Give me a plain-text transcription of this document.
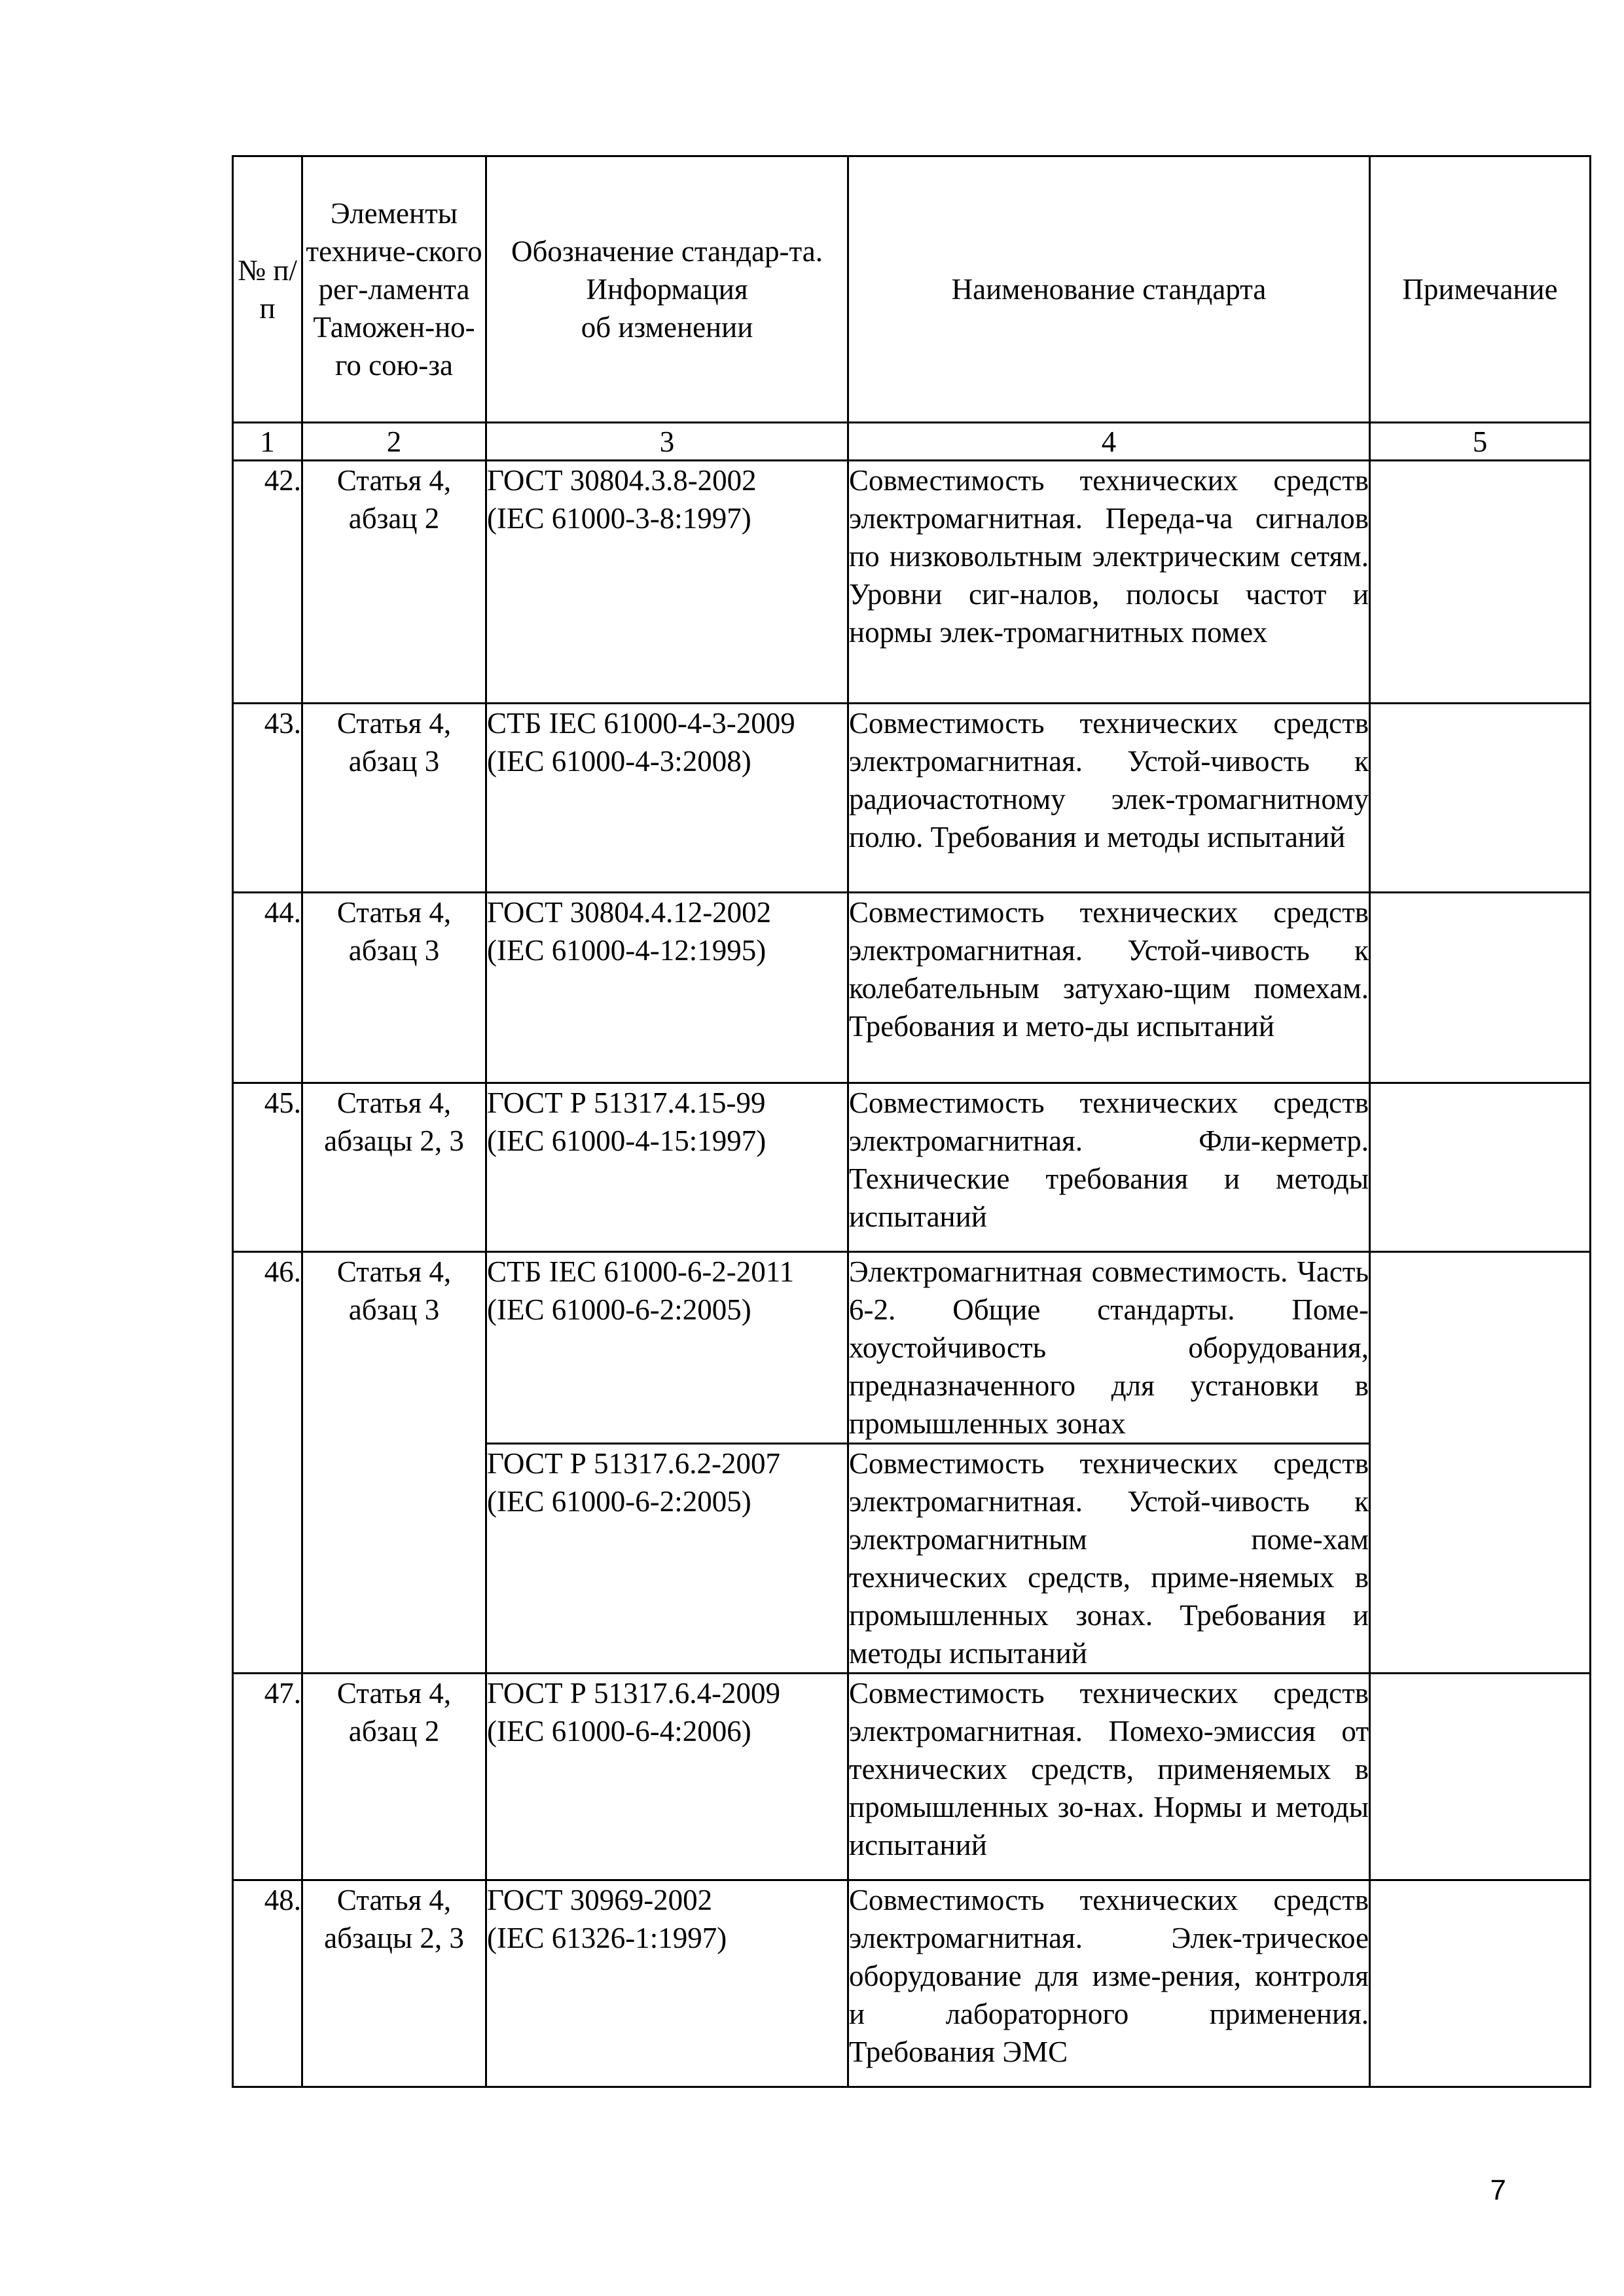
№ п/п	Элементы техниче-ского рег-ламента Таможен-но-го сою-за	Обозначение стандар-та.
Информация
об изменении	Наименование стандарта	Примечание
1	2	3	4	5
42.	Статья 4,
абзац 2	ГОСТ 30804.3.8-2002
(IEC 61000-3-8:1997)	Совместимость технических средств электромагнитная. Переда-ча сигналов по низковольтным электрическим сетям. Уровни сиг-налов, полосы частот и нормы элек-тромагнитных помех	
43.	Статья 4,
абзац 3	СТБ IEC 61000-4-3-2009
(IEC 61000-4-3:2008)	Совместимость технических средств электромагнитная. Устой-чивость к радиочастотному элек-тромагнитному полю. Требования и методы испытаний	
44.	Статья 4,
абзац 3	ГОСТ 30804.4.12-2002
(IEC 61000-4-12:1995)	Совместимость технических средств электромагнитная. Устой-чивость к колебательным затухаю-щим помехам. Требования и мето-ды испытаний	
45.	Статья 4,
абзацы 2, 3	ГОСТ Р 51317.4.15-99
(IEC 61000-4-15:1997)	Совместимость технических средств электромагнитная. Фли-керметр. Технические требования и методы испытаний	
46.	Статья 4,
абзац 3	СТБ IEC 61000-6-2-2011
(IEC 61000-6-2:2005)	Электромагнитная совместимость. Часть 6-2. Общие стандарты. Поме-хоустойчивость оборудования, предназначенного для установки в промышленных зонах	
		ГОСТ Р 51317.6.2-2007
(IEC 61000-6-2:2005)	Совместимость технических средств электромагнитная. Устой-чивость к электромагнитным поме-хам технических средств, приме-няемых в промышленных зонах. Требования и методы испытаний	
47.	Статья 4,
абзац 2	ГОСТ Р 51317.6.4-2009
(IEC 61000-6-4:2006)	Совместимость технических средств электромагнитная. Помехо-эмиссия от технических средств, применяемых в промышленных зо-нах. Нормы и методы испытаний	
48.	Статья 4,
абзацы 2, 3	ГОСТ 30969-2002
(IEC 61326-1:1997)	Совместимость технических средств электромагнитная. Элек-трическое оборудование для изме-рения, контроля и лабораторного применения. Требования ЭМС	
7
